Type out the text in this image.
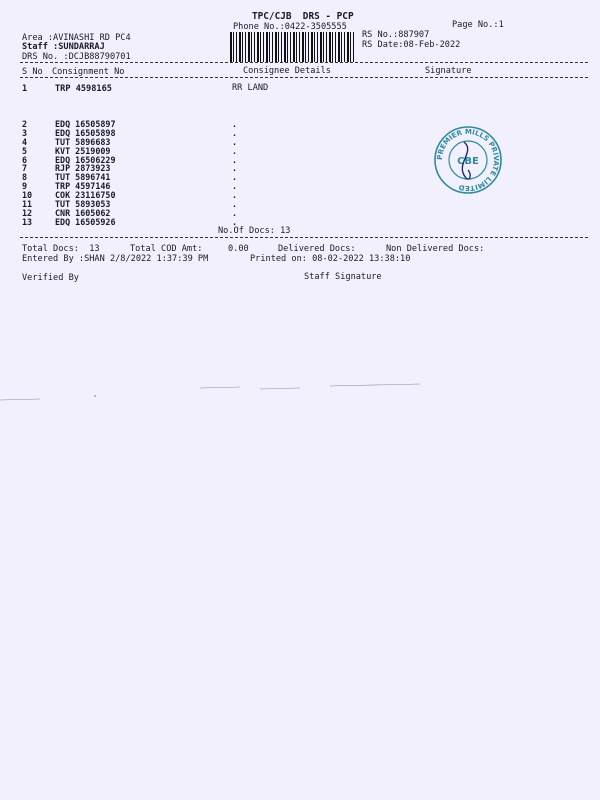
TPC/CJB  DRS - PCP
Phone No.:0422-3505555	Page No.:1
Area :AVINASHI RD PC4
Staff :SUNDARRAJ
DRS No. :DCJB88790701
RS No.:887907
RS Date:08-Feb-2022
S No Consignment No	Consignee Details	Signature
1	TRP 4598165	RR LAND
2	EDQ 16505897	.
3	EDQ 16505898	.
4	TUT 5896683	.
5	KVT 2519009	.
6	EDQ 16506229	.
7	RJP 2873923	.
8	TUT 5896741	.
9	TRP 4597146	.
10	COK 23116750	.
11	TUT 5893053	.
12	CNR 1605062	.
13	EDQ 16505926	.
No.Of Docs: 13
Total Docs:  13	Total COD Amt:	0.00	Delivered Docs:	Non Delivered Docs:
Entered By :SHAN 2/8/2022 1:37:39 PM	Printed on: 08-02-2022 13:38:10
Verified By	Staff Signature
PREMIER MILLS PRIVATE LIMITED
CBE
